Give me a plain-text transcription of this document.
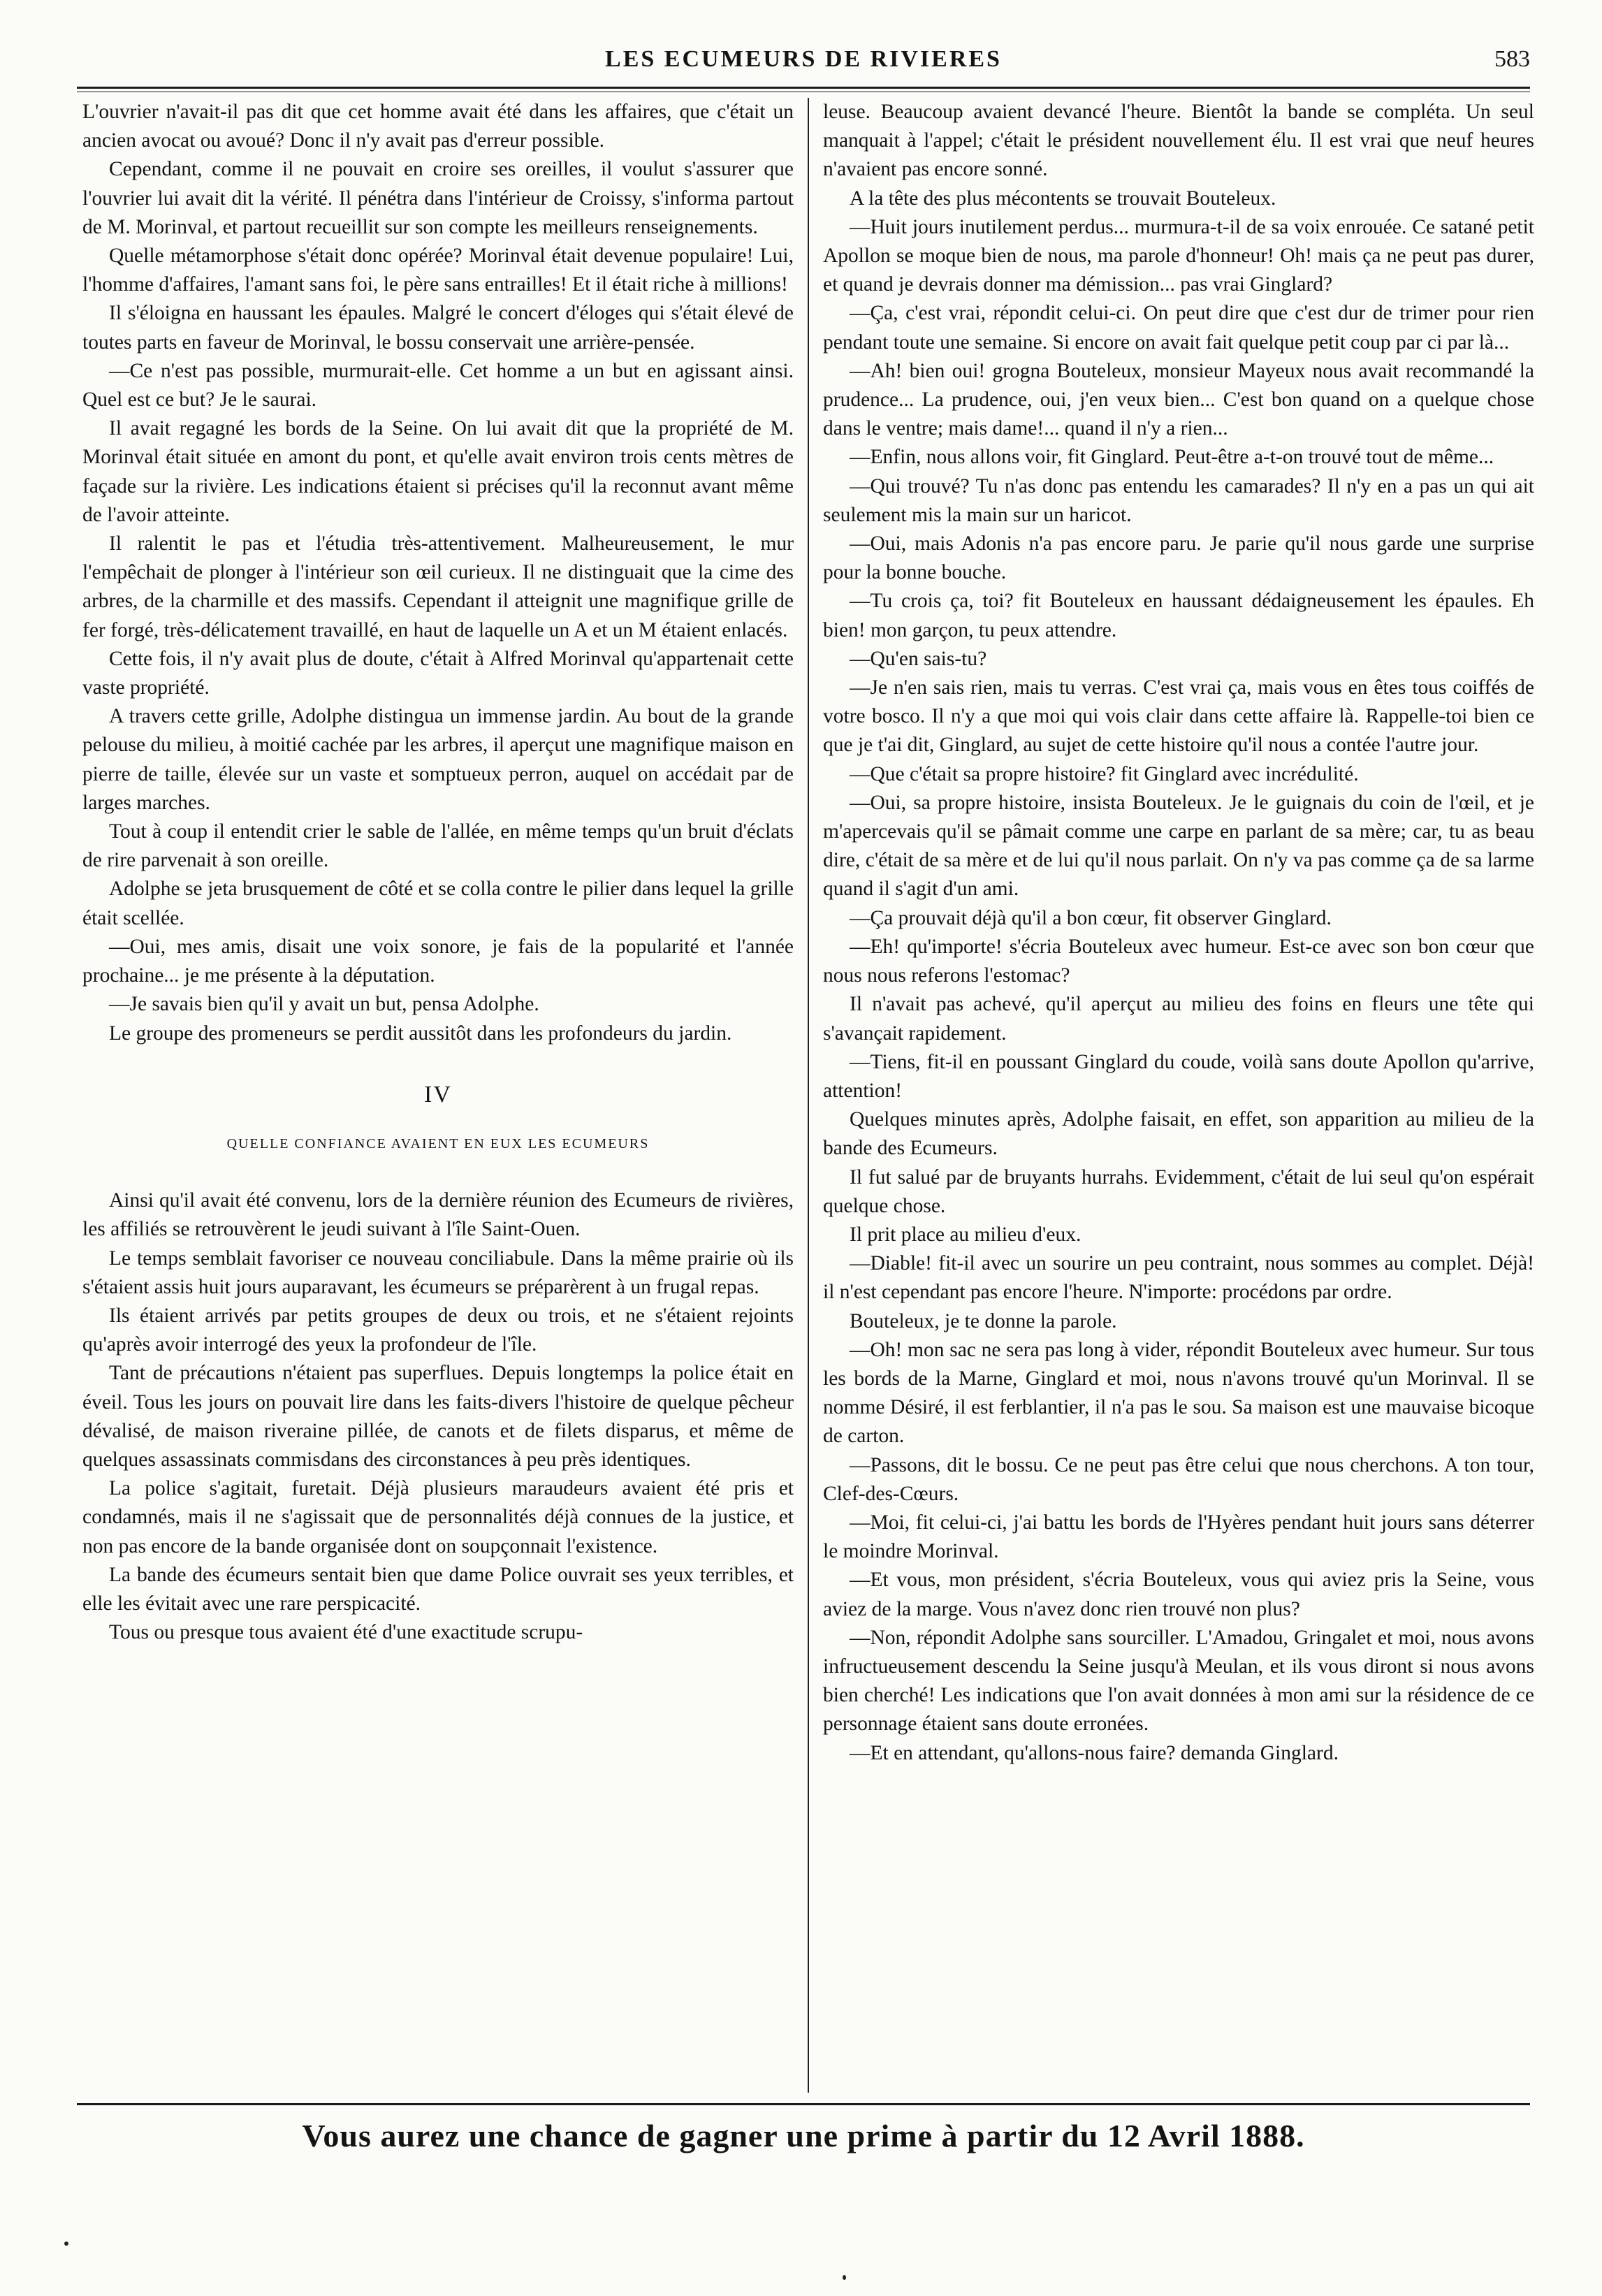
LES ECUMEURS DE RIVIERES	583

L'ouvrier n'avait-il pas dit que cet homme avait été dans les affaires, que c'était un ancien avocat ou avoué? Donc il n'y avait pas d'erreur possible.

Cependant, comme il ne pouvait en croire ses oreilles, il voulut s'assurer que l'ouvrier lui avait dit la vérité. Il pénétra dans l'intérieur de Croissy, s'informa partout de M. Morinval, et partout recueillit sur son compte les meilleurs renseignements.

Quelle métamorphose s'était donc opérée? Morinval était devenue populaire! Lui, l'homme d'affaires, l'amant sans foi, le père sans entrailles! Et il était riche à millions!

Il s'éloigna en haussant les épaules. Malgré le concert d'éloges qui s'était élevé de toutes parts en faveur de Morinval, le bossu conservait une arrière-pensée.

—Ce n'est pas possible, murmurait-elle. Cet homme a un but en agissant ainsi. Quel est ce but? Je le saurai.

Il avait regagné les bords de la Seine. On lui avait dit que la propriété de M. Morinval était située en amont du pont, et qu'elle avait environ trois cents mètres de façade sur la rivière. Les indications étaient si précises qu'il la reconnut avant même de l'avoir atteinte.

Il ralentit le pas et l'étudia très-attentivement. Malheureusement, le mur l'empêchait de plonger à l'intérieur son œil curieux. Il ne distinguait que la cime des arbres, de la charmille et des massifs. Cependant il atteignit une magnifique grille de fer forgé, très-délicatement travaillé, en haut de laquelle un A et un M étaient enlacés.

Cette fois, il n'y avait plus de doute, c'était à Alfred Morinval qu'appartenait cette vaste propriété.

A travers cette grille, Adolphe distingua un immense jardin. Au bout de la grande pelouse du milieu, à moitié cachée par les arbres, il aperçut une magnifique maison en pierre de taille, élevée sur un vaste et somptueux perron, auquel on accédait par de larges marches.

Tout à coup il entendit crier le sable de l'allée, en même temps qu'un bruit d'éclats de rire parvenait à son oreille.

Adolphe se jeta brusquement de côté et se colla contre le pilier dans lequel la grille était scellée.

—Oui, mes amis, disait une voix sonore, je fais de la popularité et l'année prochaine... je me présente à la députation.

—Je savais bien qu'il y avait un but, pensa Adolphe.

Le groupe des promeneurs se perdit aussitôt dans les profondeurs du jardin.

IV
QUELLE CONFIANCE AVAIENT EN EUX LES ECUMEURS

Ainsi qu'il avait été convenu, lors de la dernière réunion des Ecumeurs de rivières, les affiliés se retrouvèrent le jeudi suivant à l'île Saint-Ouen.

Le temps semblait favoriser ce nouveau conciliabule. Dans la même prairie où ils s'étaient assis huit jours auparavant, les écumeurs se préparèrent à un frugal repas.

Ils étaient arrivés par petits groupes de deux ou trois, et ne s'étaient rejoints qu'après avoir interrogé des yeux la profondeur de l'île.

Tant de précautions n'étaient pas superflues. Depuis longtemps la police était en éveil. Tous les jours on pouvait lire dans les faits-divers l'histoire de quelque pêcheur dévalisé, de maison riveraine pillée, de canots et de filets disparus, et même de quelques assassinats commisdans des circonstances à peu près identiques.

La police s'agitait, furetait. Déjà plusieurs maraudeurs avaient été pris et condamnés, mais il ne s'agissait que de personnalités déjà connues de la justice, et non pas encore de la bande organisée dont on soupçonnait l'existence.

La bande des écumeurs sentait bien que dame Police ouvrait ses yeux terribles, et elle les évitait avec une rare perspicacité.

Tous ou presque tous avaient été d'une exactitude scrupu-

leuse. Beaucoup avaient devancé l'heure. Bientôt la bande se compléta. Un seul manquait à l'appel; c'était le président nouvellement élu. Il est vrai que neuf heures n'avaient pas encore sonné.

A la tête des plus mécontents se trouvait Bouteleux.

—Huit jours inutilement perdus... murmura-t-il de sa voix enrouée. Ce satané petit Apollon se moque bien de nous, ma parole d'honneur! Oh! mais ça ne peut pas durer, et quand je devrais donner ma démission... pas vrai Ginglard?

—Ça, c'est vrai, répondit celui-ci. On peut dire que c'est dur de trimer pour rien pendant toute une semaine. Si encore on avait fait quelque petit coup par ci par là...

—Ah! bien oui! grogna Bouteleux, monsieur Mayeux nous avait recommandé la prudence... La prudence, oui, j'en veux bien... C'est bon quand on a quelque chose dans le ventre; mais dame!... quand il n'y a rien...

—Enfin, nous allons voir, fit Ginglard. Peut-être a-t-on trouvé tout de même...

—Qui trouvé? Tu n'as donc pas entendu les camarades? Il n'y en a pas un qui ait seulement mis la main sur un haricot.

—Oui, mais Adonis n'a pas encore paru. Je parie qu'il nous garde une surprise pour la bonne bouche.

—Tu crois ça, toi? fit Bouteleux en haussant dédaigneusement les épaules. Eh bien! mon garçon, tu peux attendre.

—Qu'en sais-tu?

—Je n'en sais rien, mais tu verras. C'est vrai ça, mais vous en êtes tous coiffés de votre bosco. Il n'y a que moi qui vois clair dans cette affaire là. Rappelle-toi bien ce que je t'ai dit, Ginglard, au sujet de cette histoire qu'il nous a contée l'autre jour.

—Que c'était sa propre histoire? fit Ginglard avec incrédulité.

—Oui, sa propre histoire, insista Bouteleux. Je le guignais du coin de l'œil, et je m'apercevais qu'il se pâmait comme une carpe en parlant de sa mère; car, tu as beau dire, c'était de sa mère et de lui qu'il nous parlait. On n'y va pas comme ça de sa larme quand il s'agit d'un ami.

—Ça prouvait déjà qu'il a bon cœur, fit observer Ginglard.

—Eh! qu'importe! s'écria Bouteleux avec humeur. Est-ce avec son bon cœur que nous nous referons l'estomac?

Il n'avait pas achevé, qu'il aperçut au milieu des foins en fleurs une tête qui s'avançait rapidement.

—Tiens, fit-il en poussant Ginglard du coude, voilà sans doute Apollon qu'arrive, attention!

Quelques minutes après, Adolphe faisait, en effet, son apparition au milieu de la bande des Ecumeurs.

Il fut salué par de bruyants hurrahs. Evidemment, c'était de lui seul qu'on espérait quelque chose.

Il prit place au milieu d'eux.

—Diable! fit-il avec un sourire un peu contraint, nous sommes au complet. Déjà! il n'est cependant pas encore l'heure. N'importe: procédons par ordre.

Bouteleux, je te donne la parole.

—Oh! mon sac ne sera pas long à vider, répondit Bouteleux avec humeur. Sur tous les bords de la Marne, Ginglard et moi, nous n'avons trouvé qu'un Morinval. Il se nomme Désiré, il est ferblantier, il n'a pas le sou. Sa maison est une mauvaise bicoque de carton.

—Passons, dit le bossu. Ce ne peut pas être celui que nous cherchons. A ton tour, Clef-des-Cœurs.

—Moi, fit celui-ci, j'ai battu les bords de l'Hyères pendant huit jours sans déterrer le moindre Morinval.

—Et vous, mon président, s'écria Bouteleux, vous qui aviez pris la Seine, vous aviez de la marge. Vous n'avez donc rien trouvé non plus?

—Non, répondit Adolphe sans sourciller. L'Amadou, Gringalet et moi, nous avons infructueusement descendu la Seine jusqu'à Meulan, et ils vous diront si nous avons bien cherché! Les indications que l'on avait données à mon ami sur la résidence de ce personnage étaient sans doute erronées.

—Et en attendant, qu'allons-nous faire? demanda Ginglard.

Vous aurez une chance de gagner une prime à partir du 12 Avril 1888.
